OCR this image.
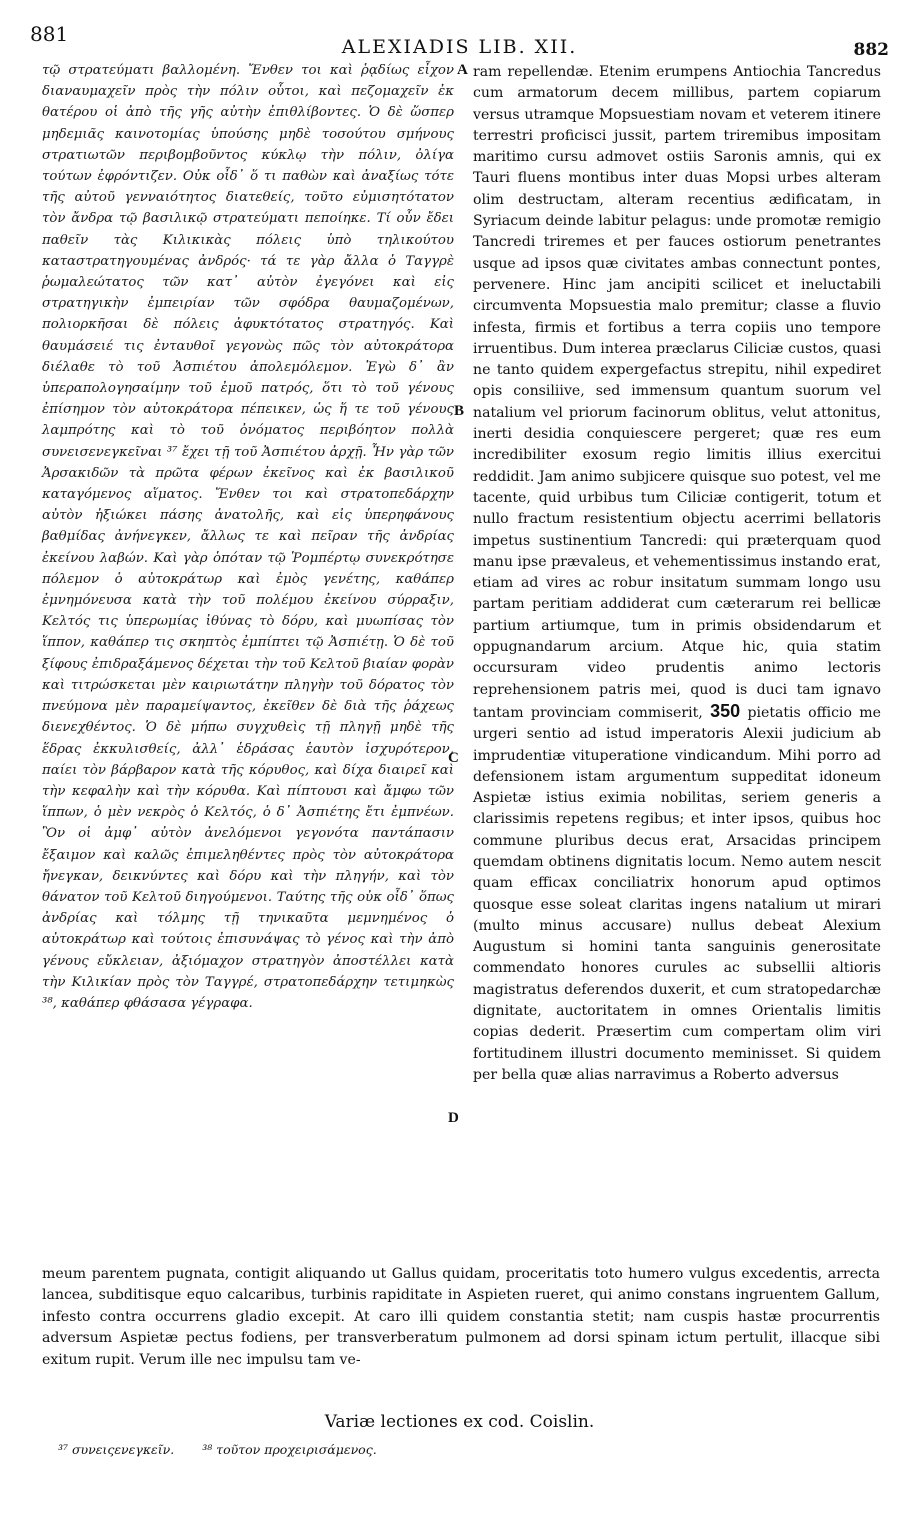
881
ALEXIADIS LIB. XII.	882

τῷ στρατεύματι βαλλομένη. Ἔνθεν τοι καὶ ῥᾳδίως εἶχον διαναυμαχεῖν πρὸς τὴν πόλιν οὗτοι, καὶ πεζομαχεῖν ἐκ θατέρου οἱ ἀπὸ τῆς γῆς αὐτὴν ἐπιθλίβοντες. Ὁ δὲ ὥσπερ μηδεμιᾶς καινοτομίας ὑπούσης μηδὲ τοσούτου σμήνους στρατιωτῶν περιβομβοῦντος κύκλῳ τὴν πόλιν, ὀλίγα τούτων ἐφρόντιζεν. Οὐκ οἶδ᾽ ὅ τι παθὼν καὶ ἀναξίως τότε τῆς αὐτοῦ γενναιότητος διατεθείς, τοῦτο εὐμισητότατον τὸν ἄνδρα τῷ βασιλικῷ στρατεύματι πεποίηκε. Τί οὖν ἔδει παθεῖν τὰς Κιλικικὰς πόλεις ὑπὸ τηλικούτου καταστρατηγουμένας ἀνδρός· τά τε γὰρ ἄλλα ὁ Ταγγρὲ ῥωμαλεώτατος τῶν κατ᾽ αὐτὸν ἐγεγόνει καὶ εἰς στρατηγικὴν ἐμπειρίαν τῶν σφόδρα θαυμαζομένων, πολιορκῆσαι δὲ πόλεις ἀφυκτότατος στρατηγός. Καὶ θαυμάσειέ τις ἐνταυθοῖ γεγονὼς πῶς τὸν αὐτοκράτορα διέλαθε τὸ τοῦ Ἀσπιέτου ἀπολεμόλεμον. Ἐγὼ δ᾽ ἂν ὑπεραπολογησαίμην τοῦ ἐμοῦ πατρός, ὅτι τὸ τοῦ γένους ἐπίσημον τὸν αὐτοκράτορα πέπεικεν, ὡς ἥ τε τοῦ γένους λαμπρότης καὶ τὸ τοῦ ὀνόματος περιβόητον πολλὰ συνεισενεγκεῖναι ³⁷ ἔχει τῇ τοῦ Ἀσπιέτου ἀρχῇ. Ἦν γὰρ τῶν Ἀρσακιδῶν τὰ πρῶτα φέρων ἐκεῖνος καὶ ἐκ βασιλικοῦ καταγόμενος αἵματος. Ἔνθεν τοι καὶ στρατοπεδάρχην αὐτὸν ἠξιώκει πάσης ἀνατολῆς, καὶ εἰς ὑπερηφάνους βαθμίδας ἀνήνεγκεν, ἄλλως τε καὶ πεῖραν τῆς ἀνδρίας ἐκείνου λαβών. Καὶ γὰρ ὁπόταν τῷ Ῥομπέρτῳ συνεκρότησε πόλεμον ὁ αὐτοκράτωρ καὶ ἐμὸς γενέτης, καθάπερ ἐμνημόνευσα κατὰ τὴν τοῦ πολέμου ἐκείνου σύρραξιν, Κελτός τις ὑπερωμίας ἰθύνας τὸ δόρυ, καὶ μυωπίσας τὸν ἵππον, καθάπερ τις σκηπτὸς ἐμπίπτει τῷ Ἀσπιέτῃ. Ὁ δὲ τοῦ ξίφους ἐπιδραξάμενος δέχεται τὴν τοῦ Κελτοῦ βιαίαν φορὰν καὶ τιτρώσκεται μὲν καιριωτάτην πληγὴν τοῦ δόρατος τὸν πνεύμονα μὲν παραμείψαντος, ἐκεῖθεν δὲ διὰ τῆς ῥάχεως διενεχθέντος. Ὁ δὲ μήπω συγχυθεὶς τῇ πληγῇ μηδὲ τῆς ἕδρας ἐκκυλισθείς, ἀλλ᾽ ἑδράσας ἑαυτὸν ἰσχυρότερον, παίει τὸν βάρβαρον κατὰ τῆς κόρυθος, καὶ δίχα διαιρεῖ καὶ τὴν κεφαλὴν καὶ τὴν κόρυθα. Καὶ πίπτουσι καὶ ἄμφω τῶν ἵππων, ὁ μὲν νεκρὸς ὁ Κελτός, ὁ δ᾽ Ἀσπιέτης ἔτι ἐμπνέων. Ὃν οἱ ἀμφ᾽ αὐτὸν ἀνελόμενοι γεγονότα παντάπασιν ἔξαιμον καὶ καλῶς ἐπιμεληθέντες πρὸς τὸν αὐτοκράτορα ἤνεγκαν, δεικνύντες καὶ δόρυ καὶ τὴν πληγήν, καὶ τὸν θάνατον τοῦ Κελτοῦ διηγούμενοι. Ταύτης τῆς οὐκ οἶδ᾽ ὅπως ἀνδρίας καὶ τόλμης τῇ τηνικαῦτα μεμνημένος ὁ αὐτοκράτωρ καὶ τούτοις ἐπισυνάψας τὸ γένος καὶ τὴν ἀπὸ γένους εὔκλειαν, ἀξιόμαχον στρατηγὸν ἀποστέλλει κατὰ τὴν Κιλικίαν πρὸς τὸν Ταγγρέ, στρατοπεδάρχην τετιμηκὼς ³⁸, καθάπερ φθάσασα γέγραφα.

A
B
C
D

ram repellendæ. Etenim erumpens Antiochia Tancredus cum armatorum decem millibus, partem copiarum versus utramque Mopsuestiam novam et veterem itinere terrestri proficisci jussit, partem triremibus impositam maritimo cursu admovet ostiis Saronis amnis, qui ex Tauri fluens montibus inter duas Mopsi urbes alteram olim destructam, alteram recentius ædificatam, in Syriacum deinde labitur pelagus: unde promotæ remigio Tancredi triremes et per fauces ostiorum penetrantes usque ad ipsos quæ civitates ambas connectunt pontes, pervenere. Hinc jam ancipiti scilicet et ineluctabili circumventa Mopsuestia malo premitur; classe a fluvio infesta, firmis et fortibus a terra copiis uno tempore irruentibus. Dum interea præclarus Ciliciæ custos, quasi ne tanto quidem expergefactus strepitu, nihil expediret opis consiliive, sed immensum quantum suorum vel natalium vel priorum facinorum oblitus, velut attonitus, inerti desidia conquiescere pergeret; quæ res eum incredibiliter exosum regio limitis illius exercitui reddidit. Jam animo subjicere quisque suo potest, vel me tacente, quid urbibus tum Ciliciæ contigerit, totum et nullo fractum resistentium objectu acerrimi bellatoris impetus sustinentium Tancredi: qui præterquam quod manu ipse prævaleus, et vehementissimus instando erat, etiam ad vires ac robur insitatum summam longo usu partam peritiam addiderat cum cæterarum rei bellicæ partium artiumque, tum in primis obsidendarum et oppugnandarum arcium. Atque hic, quia statim occursuram video prudentis animo lectoris reprehensionem patris mei, quod is duci tam ignavo tantam provinciam commiserit, 350 pietatis officio me urgeri sentio ad istud imperatoris Alexii judicium ab imprudentiæ vituperatione vindicandum. Mihi porro ad defensionem istam argumentum suppeditat idoneum Aspietæ istius eximia nobilitas, seriem generis a clarissimis repetens regibus; et inter ipsos, quibus hoc commune pluribus decus erat, Arsacidas principem quemdam obtinens dignitatis locum. Nemo autem nescit quam efficax conciliatrix honorum apud optimos quosque esse soleat claritas ingens natalium ut mirari (multo minus accusare) nullus debeat Alexium Augustum si homini tanta sanguinis generositate commendato honores curules ac subsellii altioris magistratus deferendos duxerit, et cum stratopedarchæ dignitate, auctoritatem in omnes Orientalis limitis copias dederit. Præsertim cum compertam olim viri fortitudinem illustri documento meminisset. Si quidem per bella quæ alias narravimus a Roberto adversus

meum parentem pugnata, contigit aliquando ut Gallus quidam, proceritatis toto humero vulgus excedentis, arrecta lancea, subditisque equo calcaribus, turbinis rapiditate in Aspieten rueret, qui animo constans ingruentem Gallum, infesto contra occurrens gladio excepit. At caro illi quidem constantia stetit; nam cuspis hastæ procurrentis adversum Aspietæ pectus fodiens, per transverberatum pulmonem ad dorsi spinam ictum pertulit, illacque sibi exitum rupit. Verum ille nec impulsu tam ve-

Variæ lectiones ex cod. Coislin.
³⁷ συνειςενεγκεῖν. ³⁸ τοῦτον προχειρισάμενος.
